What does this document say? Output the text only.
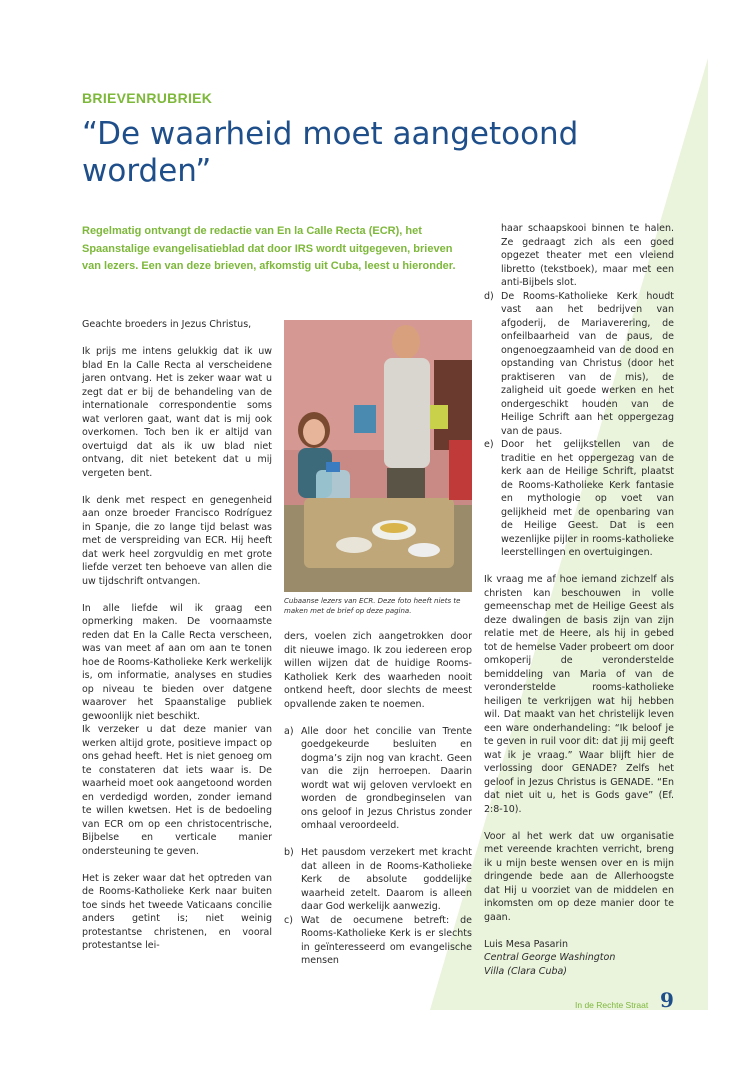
BRIEVENRUBRIEK
“De waarheid moet aangetoond worden”
Regelmatig ontvangt de redactie van En la Calle Recta (ECR), het Spaanstalige evangelisatieblad dat door IRS wordt uitgegeven, brieven van lezers. Een van deze brieven, afkomstig uit Cuba, leest u hieronder.

Geachte broeders in Jezus Christus,

Ik prijs me intens gelukkig dat ik uw blad En la Calle Recta al verscheidene jaren ontvang. Het is zeker waar wat u zegt dat er bij de behandeling van de internationale correspondentie soms wat verloren gaat, want dat is mij ook overkomen. Toch ben ik er altijd van overtuigd dat als ik uw blad niet ontvang, dit niet betekent dat u mij vergeten bent.

Ik denk met respect en genegenheid aan onze broeder Francisco Rodríguez in Spanje, die zo lange tijd belast was met de verspreiding van ECR. Hij heeft dat werk heel zorgvuldig en met grote liefde verzet ten behoeve van allen die uw tijdschrift ontvangen.

In alle liefde wil ik graag een opmerking maken. De voornaamste reden dat En la Calle Recta verscheen, was van meet af aan om aan te tonen hoe de Rooms-Katholieke Kerk werkelijk is, om informatie, analyses en studies op niveau te bieden over datgene waarover het Spaanstalige publiek gewoonlijk niet beschikt.

Ik verzeker u dat deze manier van werken altijd grote, positieve impact op ons gehad heeft. Het is niet genoeg om te constateren dat iets waar is. De waarheid moet ook aangetoond worden en verdedigd worden, zonder iemand te willen kwetsen. Het is de bedoeling van ECR om op een christocentrische, Bijbelse en verticale manier ondersteuning te geven.

Het is zeker waar dat het optreden van de Rooms-Katholieke Kerk naar buiten toe sinds het tweede Vaticaans concilie anders getint is; niet weinig protestantse christenen, en vooral protestantse lei-

Cubaanse lezers van ECR. Deze foto heeft niets te maken met de brief op deze pagina.

ders, voelen zich aangetrokken door dit nieuwe imago. Ik zou iedereen erop willen wijzen dat de huidige Rooms-Katholiek Kerk des waarheden nooit ontkend heeft, door slechts de meest opvallende zaken te noemen.

a) Alle door het concilie van Trente goedgekeurde besluiten en dogma’s zijn nog van kracht. Geen van die zijn herroepen. Daarin wordt wat wij geloven vervloekt en worden de grondbeginselen van ons geloof in Jezus Christus zonder omhaal veroordeeld.
b) Het pausdom verzekert met kracht dat alleen in de Rooms-Katholieke Kerk de absolute goddelijke waarheid zetelt. Daarom is alleen daar God werkelijk aanwezig.
c) Wat de oecumene betreft: de Rooms-Katholieke Kerk is er slechts in geïnteresseerd om evangelische mensen
haar schaapskooi binnen te halen. Ze gedraagt zich als een goed opgezet theater met een vleiend libretto (tekstboek), maar met een anti-Bijbels slot.
d) De Rooms-Katholieke Kerk houdt vast aan het bedrijven van afgoderij, de Mariaverering, de onfeilbaarheid van de paus, de ongenoegzaamheid van de dood en opstanding van Christus (door het praktiseren van de mis), de zaligheid uit goede werken en het ondergeschikt houden van de Heilige Schrift aan het oppergezag van de paus.
e) Door het gelijkstellen van de traditie en het oppergezag van de kerk aan de Heilige Schrift, plaatst de Rooms-Katholieke Kerk fantasie en mythologie op voet van gelijkheid met de openbaring van de Heilige Geest. Dat is een wezenlijke pijler in rooms-katholieke leerstellingen en overtuigingen.

Ik vraag me af hoe iemand zichzelf als christen kan beschouwen in volle gemeenschap met de Heilige Geest als deze dwalingen de basis zijn van zijn relatie met de Heere, als hij in gebed tot de hemelse Vader probeert om door omkoperij de veronderstelde bemiddeling van Maria of van de veronderstelde rooms-katholieke heiligen te verkrijgen wat hij hebben wil. Dat maakt van het christelijk leven een ware onderhandeling: “Ik beloof je te geven in ruil voor dit: dat jij mij geeft wat ik je vraag.” Waar blijft hier de verlossing door GENADE? Zelfs het geloof in Jezus Christus is GENADE. “En dat niet uit u, het is Gods gave” (Ef. 2:8-10).

Voor al het werk dat uw organisatie met vereende krachten verricht, breng ik u mijn beste wensen over en is mijn dringende bede aan de Allerhoogste dat Hij u voorziet van de middelen en inkomsten om op deze manier door te gaan.

Luis Mesa Pasarin

Central George Washington

Villa (Clara Cuba)

In de Rechte Straat 9
